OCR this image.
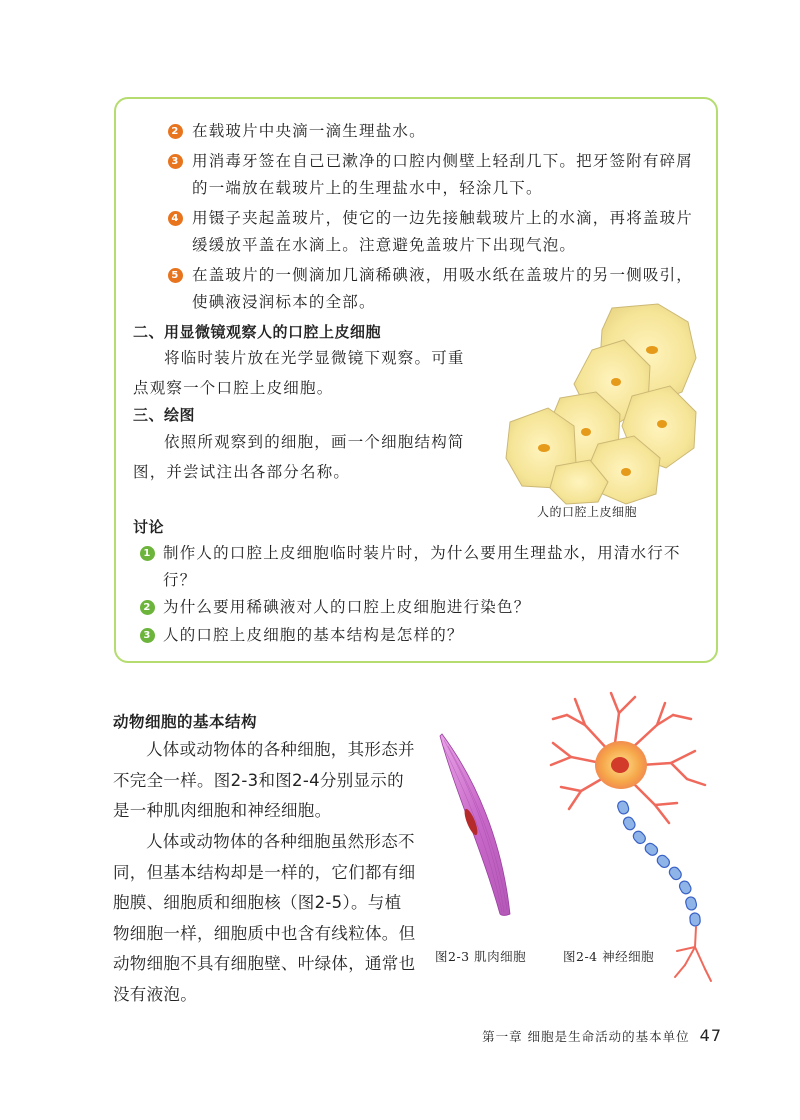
2 在载玻片中央滴一滴生理盐水。
3 用消毒牙签在自己已漱净的口腔内侧壁上轻刮几下。把牙签附有碎屑的一端放在载玻片上的生理盐水中，轻涂几下。
4 用镊子夹起盖玻片，使它的一边先接触载玻片上的水滴，再将盖玻片缓缓放平盖在水滴上。注意避免盖玻片下出现气泡。
5 在盖玻片的一侧滴加几滴稀碘液，用吸水纸在盖玻片的另一侧吸引，使碘液浸润标本的全部。
二、用显微镜观察人的口腔上皮细胞
将临时装片放在光学显微镜下观察。可重点观察一个口腔上皮细胞。
三、绘图
依照所观察到的细胞，画一个细胞结构简图，并尝试注出各部分名称。
人的口腔上皮细胞
讨论
1 制作人的口腔上皮细胞临时装片时，为什么要用生理盐水，用清水行不行？
2 为什么要用稀碘液对人的口腔上皮细胞进行染色？
3 人的口腔上皮细胞的基本结构是怎样的？
动物细胞的基本结构
人体或动物体的各种细胞，其形态并不完全一样。图2-3和图2-4分别显示的是一种肌肉细胞和神经细胞。
人体或动物体的各种细胞虽然形态不同，但基本结构却是一样的，它们都有细胞膜、细胞质和细胞核（图2-5）。与植物细胞一样，细胞质中也含有线粒体。但动物细胞不具有细胞壁、叶绿体，通常也没有液泡。
图2-3 肌肉细胞	图2-4 神经细胞
第一章 细胞是生命活动的基本单位 47
